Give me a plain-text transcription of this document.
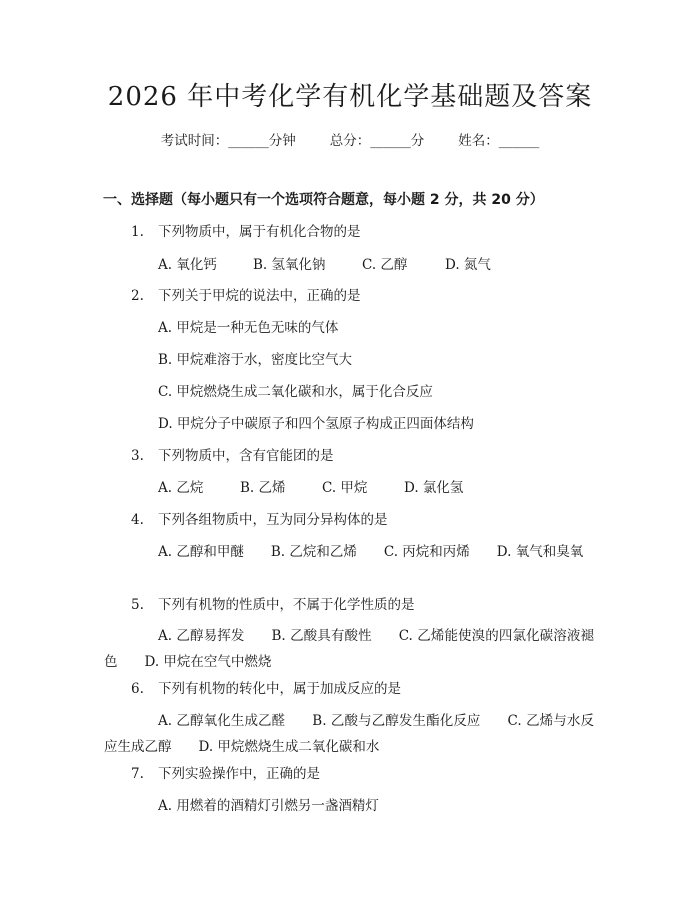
2026 年中考化学有机化学基础题及答案
考试时间：______分钟	总分：______分	姓名：______
一、选择题（每小题只有一个选项符合题意，每小题 2 分，共 20 分）
1. 下列物质中，属于有机化合物的是
A. 氧化钙	B. 氢氧化钠	C. 乙醇	D. 氮气
2. 下列关于甲烷的说法中，正确的是
A. 甲烷是一种无色无味的气体
B. 甲烷难溶于水，密度比空气大
C. 甲烷燃烧生成二氧化碳和水，属于化合反应
D. 甲烷分子中碳原子和四个氢原子构成正四面体结构
3. 下列物质中，含有官能团的是
A. 乙烷	B. 乙烯	C. 甲烷	D. 氯化氢
4. 下列各组物质中，互为同分异构体的是
A. 乙醇和甲醚   B. 乙烷和乙烯   C. 丙烷和丙烯   D. 氧气和臭氧
5. 下列有机物的性质中，不属于化学性质的是
A. 乙醇易挥发   B. 乙酸具有酸性   C. 乙烯能使溴的四氯化碳溶液褪色   D. 甲烷在空气中燃烧
6. 下列有机物的转化中，属于加成反应的是
A. 乙醇氧化生成乙醛   B. 乙酸与乙醇发生酯化反应   C. 乙烯与水反应生成乙醇   D. 甲烷燃烧生成二氧化碳和水
7. 下列实验操作中，正确的是
A. 用燃着的酒精灯引燃另一盏酒精灯
